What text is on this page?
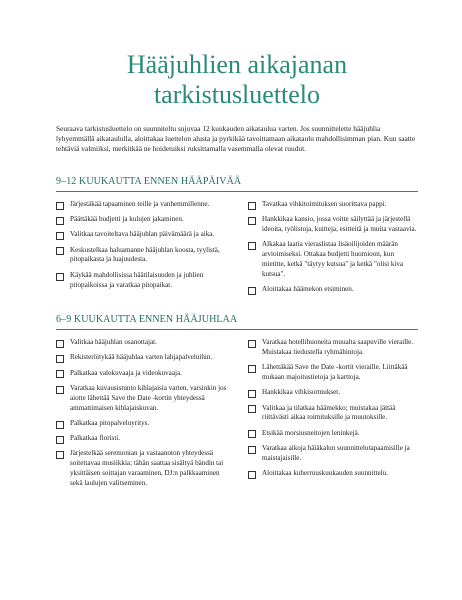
Hääjuhlien aikajanan tarkistusluettelo

Seuraava tarkistusluettelo on suunniteltu sujuvaa 12 kuukauden aikataulua varten. Jos suunnittelette hääjuhlia lyhyemmällä aikataululla, aloittakaa luettelon alusta ja pyrkikää tavoittamaan aikataulu mahdollisimman pian. Kun saatte tehtäviä valmiiksi, merkitkää ne hoidetuiksi ruksittamalla vasemmalla olevat ruudut.

9–12 KUUKAUTTA ENNEN HÄÄPÄIVÄÄ
Järjestäkää tapaaminen teille ja vanhemmillenne.
Päättäkää budjetti ja kulujen jakaminen.
Valitkaa tavoiteltava hääjuhlan päivämäärä ja aika.
Keskustelkaa haluamanne hääjuhlan koosta, tyylistä, pitopaikasta ja luajuudesta.
Käykää mahdollisissa häätilaisuuden ja juhlien pitopaikoissa ja varatkaa pitopaikat.
Tavatkaa vihkitoimituksen suorittava pappi.
Hankkikaa kansio, jossa voitte säilyttää ja järjestellä ideoita, työlistoja, kuitteja, esitteitä ja muita vastaavia.
Alkakaa laatia vieraslistaa lisäoilijoiden määrän arvioimiseksi. Ottakaa budjetti huomioon, kun mietitte, ketkä "täytyy kutsua" ja ketkä "olisi kiva kutsua".
Aloittakaa häämekon etsiminen.
6–9 KUUKAUTTA ENNEN HÄÄJUHLAA
Valitkaa hääjuhlan osanottajat.
Rekisteröitykää hääjuhlaa varten lahjapalveluihin.
Palkatkaa valokuvaaja ja videokuvaaja.
Varatkaa kuvausistunto kihlajaisia varten, varsinkin jos aiotte lähettää Save the Date -kortin yhteydessä ammattimaisen kihlajaiskuvan.
Palkatkaa pitopalveluyritys.
Palkatkaa floristi.
Järjestelkää seremonian ja vastaanoton yhteydessä soitettavaa musiikkia; tähän saattaa sisältyä bändin tai yksittäisen soittajan varaaminen, DJ:n palkkaaminen sekä laulujen valitseminen.
Varatkaa hotellihuoneita muualta saapuville vieraille. Muistakaa tiedustella ryhmähintoja.
Lähettäkää Save the Date -kortit vieraille. Liittäkää mukaan majoitustietoja ja karttoja.
Hankkikaa vihkisormukset.
Valitkaa ja tilatkaa häämekko; muistakaa jättää riittävästi aikaa toimituksille ja muutoksille.
Etsikää morsiusneitojen leninkejä.
Varatkaa aikoja häiäkalun suunnittelutapaamisille ja maistajaisille.
Aloittakaa kuherruuskuukauden suunnittelu.
